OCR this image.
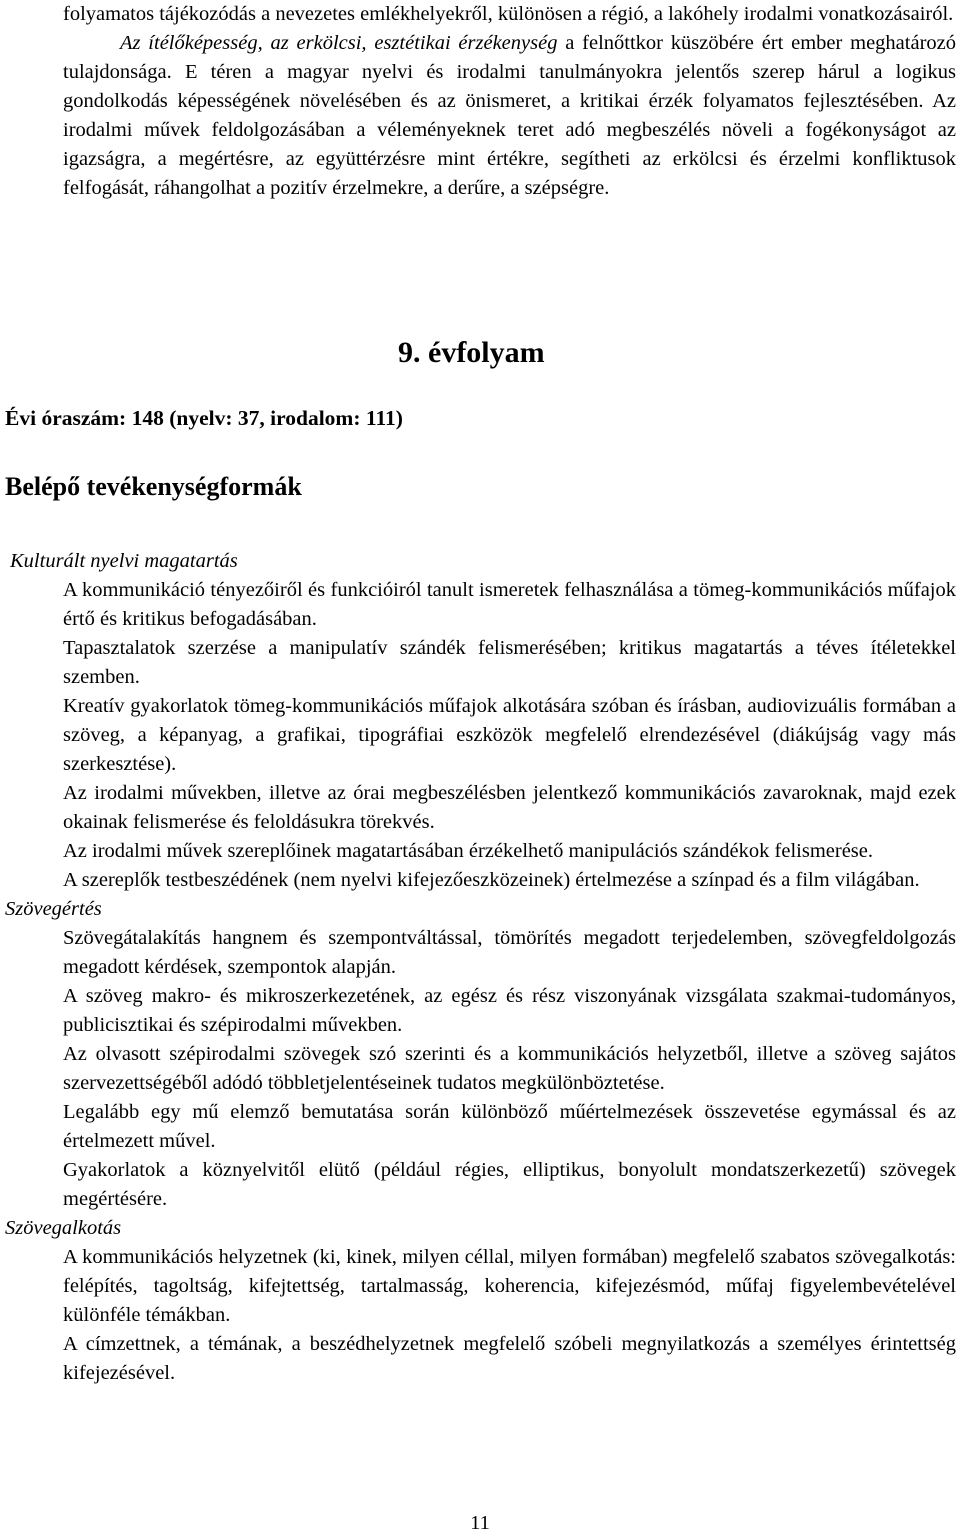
folyamatos tájékozódás a nevezetes emlékhelyekről, különösen a régió, a lakóhely irodalmi vonatkozásairól.

Az ítélőképesség, az erkölcsi, esztétikai érzékenység a felnőttkor küszöbére ért ember meghatározó tulajdonsága. E téren a magyar nyelvi és irodalmi tanulmányokra jelentős szerep hárul a logikus gondolkodás képességének növelésében és az önismeret, a kritikai érzék folyamatos fejlesztésében. Az irodalmi művek feldolgozásában a véleményeknek teret adó megbeszélés növeli a fogékonyságot az igazságra, a megértésre, az együttérzésre mint értékre, segítheti az erkölcsi és érzelmi konfliktusok felfogását, ráhangolhat a pozitív érzelmekre, a derűre, a szépségre.

9. évfolyam
Évi óraszám: 148 (nyelv: 37, irodalom: 111)
Belépő tevékenységformák

Kulturált nyelvi magatartás

A kommunikáció tényezőiről és funkcióiról tanult ismeretek felhasználása a tömeg-kommunikációs műfajok értő és kritikus befogadásában.
Tapasztalatok szerzése a manipulatív szándék felismerésében; kritikus magatartás a téves ítéletekkel szemben.
Kreatív gyakorlatok tömeg-kommunikációs műfajok alkotására szóban és írásban, audiovizuális formában a szöveg, a képanyag, a grafikai, tipográfiai eszközök megfelelő elrendezésével (diákújság vagy más szerkesztése).
Az irodalmi művekben, illetve az órai megbeszélésben jelentkező kommunikációs zavaroknak, majd ezek okainak felismerése és feloldásukra törekvés.
Az irodalmi művek szereplőinek magatartásában érzékelhető manipulációs szándékok felismerése.
A szereplők testbeszédének (nem nyelvi kifejezőeszközeinek) értelmezése a színpad és a film világában.

Szövegértés

Szövegátalakítás hangnem és szempontváltással, tömörítés megadott terjedelemben, szövegfeldolgozás megadott kérdések, szempontok alapján.
A szöveg makro- és mikroszerkezetének, az egész és rész viszonyának vizsgálata szakmai-tudományos, publicisztikai és szépirodalmi művekben.
Az olvasott szépirodalmi szövegek szó szerinti és a kommunikációs helyzetből, illetve a szöveg sajátos szervezettségéből adódó többletjelentéseinek tudatos megkülönböztetése.
Legalább egy mű elemző bemutatása során különböző műértelmezések összevetése egymással és az értelmezett művel.
Gyakorlatok a köznyelvitől elütő (például régies, elliptikus, bonyolult mondatszerkezetű) szövegek megértésére.

Szövegalkotás

A kommunikációs helyzetnek (ki, kinek, milyen céllal, milyen formában) megfelelő szabatos szövegalkotás: felépítés, tagoltság, kifejtettség, tartalmasság, koherencia, kifejezésmód, műfaj figyelembevételével különféle témákban.
A címzettnek, a témának, a beszédhelyzetnek megfelelő szóbeli megnyilatkozás a személyes érintettség kifejezésével.
11
